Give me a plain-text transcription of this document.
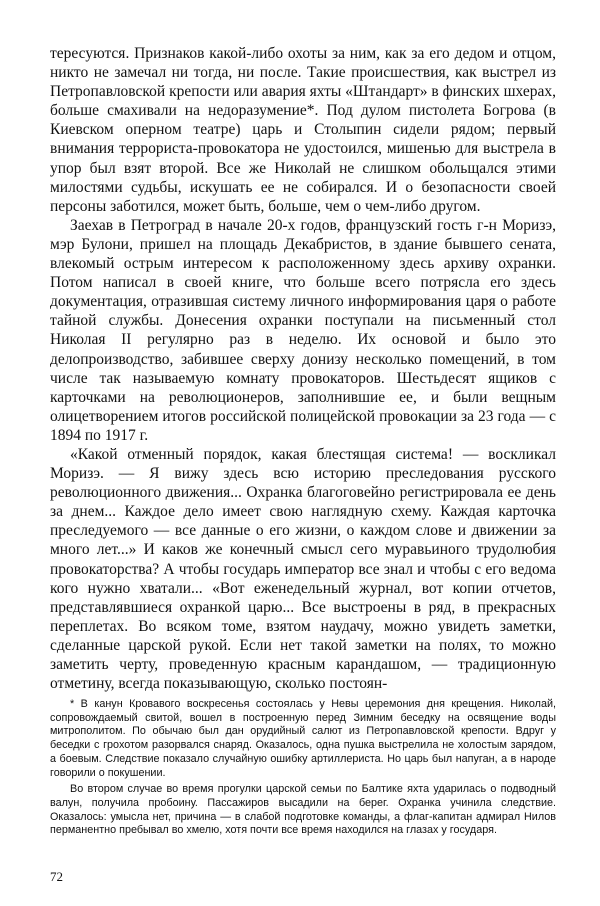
тересуются. Признаков какой-либо охоты за ним, как за его дедом и отцом, никто не замечал ни тогда, ни после. Такие происшествия, как выстрел из Петропавловской крепости или авария яхты «Штандарт» в финских шхерах, больше смахивали на недоразумение*. Под дулом пистолета Богрова (в Киевском оперном театре) царь и Столыпин сидели рядом; первый внимания террориста-провокатора не удостоился, мишенью для выстрела в упор был взят второй. Все же Николай не слишком обольщался этими милостями судьбы, искушать ее не собирался. И о безопасности своей персоны заботился, может быть, больше, чем о чем-либо другом.

Заехав в Петроград в начале 20-х годов, французский гость г-н Моризэ, мэр Булони, пришел на площадь Декабристов, в здание бывшего сената, влекомый острым интересом к расположенному здесь архиву охранки. Потом написал в своей книге, что больше всего потрясла его здесь документация, отразившая систему личного информирования царя о работе тайной службы. Донесения охранки поступали на письменный стол Николая II регулярно раз в неделю. Их основой и было это делопроизводство, забившее сверху донизу несколько помещений, в том числе так называемую комнату провокаторов. Шестьдесят ящиков с карточками на революционеров, заполнившие ее, и были вещным олицетворением итогов российской полицейской провокации за 23 года — с 1894 по 1917 г.

«Какой отменный порядок, какая блестящая система! — воскликал Моризэ. — Я вижу здесь всю историю преследования русского революционного движения... Охранка благоговейно регистрировала ее день за днем... Каждое дело имеет свою наглядную схему. Каждая карточка преследуемого — все данные о его жизни, о каждом слове и движении за много лет...» И каков же конечный смысл сего муравьиного трудолюбия провокаторства? А чтобы государь император все знал и чтобы с его ведома кого нужно хватали... «Вот еженедельный журнал, вот копии отчетов, представлявшиеся охранкой царю... Все выстроены в ряд, в прекрасных переплетах. Во всяком томе, взятом наудачу, можно увидеть заметки, сделанные царской рукой. Если нет такой заметки на полях, то можно заметить черту, проведенную красным карандашом, — традиционную отметину, всегда показывающую, сколько постоян-

* В канун Кровавого воскресенья состоялась у Невы церемония дня крещения. Николай, сопровождаемый свитой, вошел в построенную перед Зимним беседку на освящение воды митрополитом. По обычаю был дан орудийный салют из Петропавловской крепости. Вдруг у беседки с грохотом разорвался снаряд. Оказалось, одна пушка выстрелила не холостым зарядом, а боевым. Следствие показало случайную ошибку артиллериста. Но царь был напуган, а в народе говорили о покушении.

Во втором случае во время прогулки царской семьи по Балтике яхта ударилась о подводный валун, получила пробоину. Пассажиров высадили на берег. Охранка учинила следствие. Оказалось: умысла нет, причина — в слабой подготовке команды, а флаг-капитан адмирал Нилов перманентно пребывал во хмелю, хотя почти все время находился на глазах у государя.

72
